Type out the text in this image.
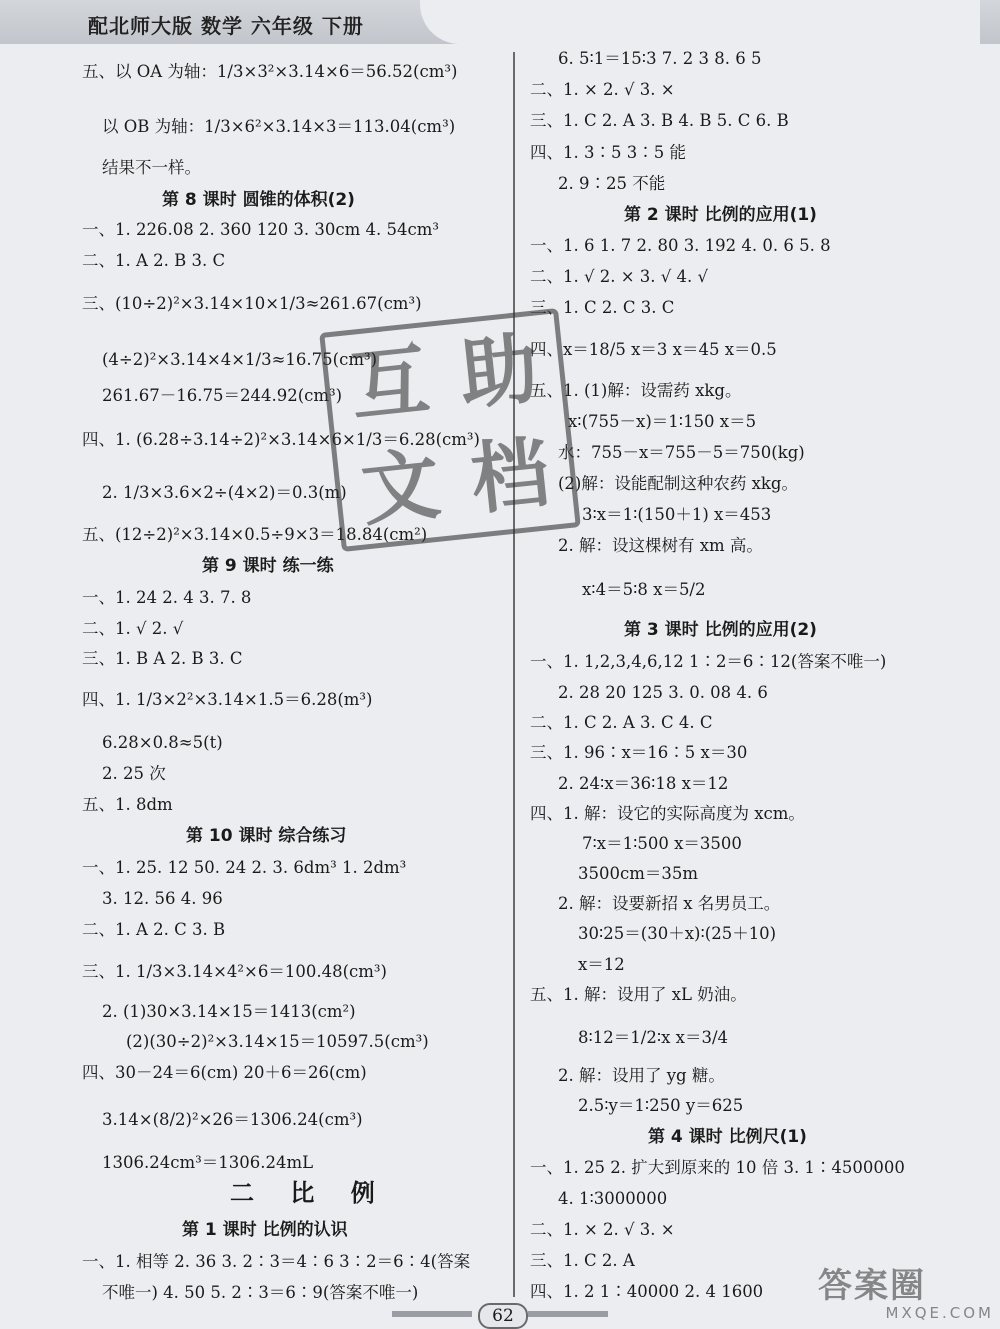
配北师大版 数学 六年级 下册
五、以 OA 为轴：1/3×3²×3.14×6＝56.52(cm³)
以 OB 为轴：1/3×6²×3.14×3＝113.04(cm³)
结果不一样。
第 8 课时 圆锥的体积(2)
一、1. 226.08 2. 360 120 3. 30cm 4. 54cm³
二、1. A 2. B 3. C
三、(10÷2)²×3.14×10×1/3≈261.67(cm³)
(4÷2)²×3.14×4×1/3≈16.75(cm³)
261.67－16.75＝244.92(cm³)
四、1. (6.28÷3.14÷2)²×3.14×6×1/3＝6.28(cm³)
2. 1/3×3.6×2÷(4×2)＝0.3(m)
五、(12÷2)²×3.14×0.5÷9×3＝18.84(cm²)
第 9 课时 练一练
一、1. 24 2. 4 3. 7. 8
二、1. √ 2. √
三、1. B A 2. B 3. C
四、1. 1/3×2²×3.14×1.5＝6.28(m³)
6.28×0.8≈5(t)
2. 25 次
五、1. 8dm
第 10 课时 综合练习
一、1. 25. 12 50. 24 2. 3. 6dm³ 1. 2dm³
3. 12. 56 4. 96
二、1. A 2. C 3. B
三、1. 1/3×3.14×4²×6＝100.48(cm³)
2. (1)30×3.14×15＝1413(cm²)
(2)(30÷2)²×3.14×15＝10597.5(cm³)
四、30－24＝6(cm) 20＋6＝26(cm)
3.14×(8/2)²×26＝1306.24(cm³)
1306.24cm³＝1306.24mL
二 比 例
第 1 课时 比例的认识
一、1. 相等 2. 36 3. 2∶3＝4∶6 3∶2＝6∶4(答案
不唯一) 4. 50 5. 2∶3＝6∶9(答案不唯一)
6. 5∶1＝15∶3 7. 2 3 8. 6 5
二、1. × 2. √ 3. ×
三、1. C 2. A 3. B 4. B 5. C 6. B
四、1. 3∶5 3∶5 能
2. 9∶25 不能
第 2 课时 比例的应用(1)
一、1. 6 1. 7 2. 80 3. 192 4. 0. 6 5. 8
二、1. √ 2. × 3. √ 4. √
三、1. C 2. C 3. C
四、x＝18/5 x＝3 x＝45 x＝0.5
五、1. (1)解：设需药 xkg。
x∶(755－x)＝1∶150 x＝5
水：755－x＝755－5＝750(kg)
(2)解：设能配制这种农药 xkg。
3∶x＝1∶(150＋1) x＝453
2. 解：设这棵树有 xm 高。
x∶4＝5∶8 x＝5/2
第 3 课时 比例的应用(2)
一、1. 1,2,3,4,6,12 1∶2＝6∶12(答案不唯一)
2. 28 20 125 3. 0. 08 4. 6
二、1. C 2. A 3. C 4. C
三、1. 96∶x＝16∶5 x＝30
2. 24∶x＝36∶18 x＝12
四、1. 解：设它的实际高度为 xcm。
7∶x＝1∶500 x＝3500
3500cm＝35m
2. 解：设要新招 x 名男员工。
30∶25＝(30＋x)∶(25＋10)
x＝12
五、1. 解：设用了 xL 奶油。
8∶12＝1/2∶x x＝3/4
2. 解：设用了 yg 糖。
2.5∶y＝1∶250 y＝625
第 4 课时 比例尺(1)
一、1. 25 2. 扩大到原来的 10 倍 3. 1∶4500000
4. 1∶3000000
二、1. × 2. √ 3. ×
三、1. C 2. A
四、1. 2 1∶40000 2. 4 1600
互 助
文 档
62
答案圈
MXQE.COM
